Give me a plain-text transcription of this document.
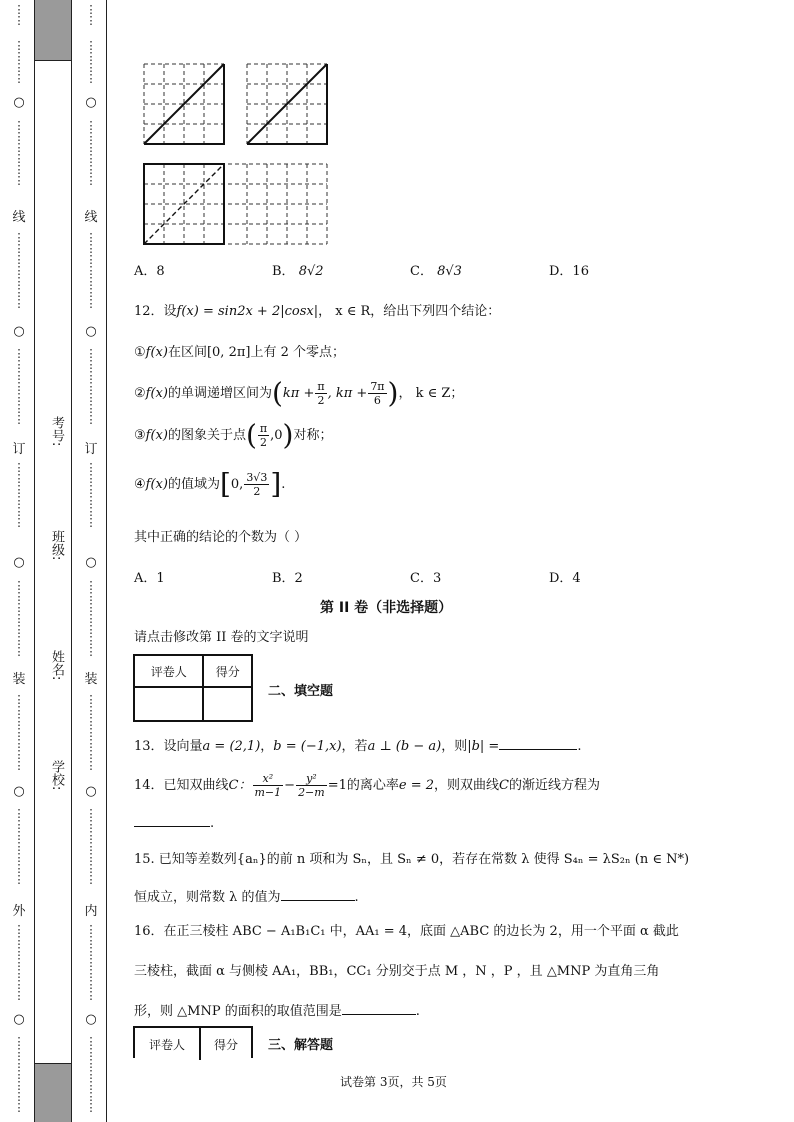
⋮
⋮
⋮
⋮
⋮
⋮
○
⋮
⋮
⋮
⋮
⋮
⋮
线
⋮
⋮
⋮
⋮
⋮
⋮
⋮
○
⋮
⋮
⋮
⋮
⋮
⋮
⋮
订
⋮
⋮
⋮
⋮
⋮
⋮
○
⋮
⋮
⋮
⋮
⋮
⋮
⋮
装
⋮
⋮
⋮
⋮
⋮
⋮
⋮
○
⋮
⋮
⋮
⋮
⋮
⋮
⋮
外
⋮
⋮
⋮
⋮
⋮
⋮
⋮
○
⋮
⋮
⋮
⋮
⋮
⋮
⋮
考号:
班级:
姓名:
学校:
⋮
⋮
⋮
⋮
⋮
⋮
○
⋮
⋮
⋮
⋮
⋮
⋮
线
⋮
⋮
⋮
⋮
⋮
⋮
⋮
○
⋮
⋮
⋮
⋮
⋮
⋮
⋮
订
⋮
⋮
⋮
⋮
⋮
⋮
○
⋮
⋮
⋮
⋮
⋮
⋮
⋮
装
⋮
⋮
⋮
⋮
⋮
⋮
⋮
○
⋮
⋮
⋮
⋮
⋮
⋮
⋮
内
⋮
⋮
⋮
⋮
⋮
⋮
⋮
○
⋮
⋮
⋮
⋮
⋮
⋮
⋮
A．8	B． 8√2	C． 8√3	D．16
12．设f(x) = sin2x + 2|cosx|， x ∈ R，给出下列四个结论：
①f(x)在区间[0, 2π]上有 2 个零点；
②f(x)的单调递增区间为($k\pi + \frac{\pi}{2}$ , $k\pi + \frac{7\pi}{6}$ )， k ∈ Z；
③f(x)的图象关于点( $\frac{\pi}{2} ,0$)对称；
④f(x)的值域为[0, $\frac{3√3}{2}$ ].
其中正确的结论的个数为（ ）
A．1	B．2	C．3	D．4
第 II 卷（非选择题）
请点击修改第 II 卷的文字说明
评卷人	得分

二、填空题
13．设向量a = (2,1)，b = (−1,x)，若a ⊥ (b − a)，则|b| =	.
14．已知双曲线C： $\frac{\text{x²}}{m-1} - \frac{\text{y²}}{2-m} =1$的离心率e = 2，则双曲线C的渐近线方程为
.
15. 已知等差数列{aₙ}的前 n 项和为 Sₙ，且 Sₙ ≠ 0，若存在常数 λ 使得 S₄ₙ = λS₂ₙ (n ∈ N*)
恒成立，则常数 λ 的值为	.
16．在正三棱柱 ABC − A₁B₁C₁ 中，AA₁ = 4，底面 △ABC 的边长为 2，用一个平面 α 截此
三棱柱，截面 α 与侧棱 AA₁，BB₁，CC₁ 分别交于点 M ，N ，P ，且 △MNP 为直角三角
形，则 △MNP 的面积的取值范围是	.
评卷人	得分	三、解答题
试卷第 3页，共 5页
